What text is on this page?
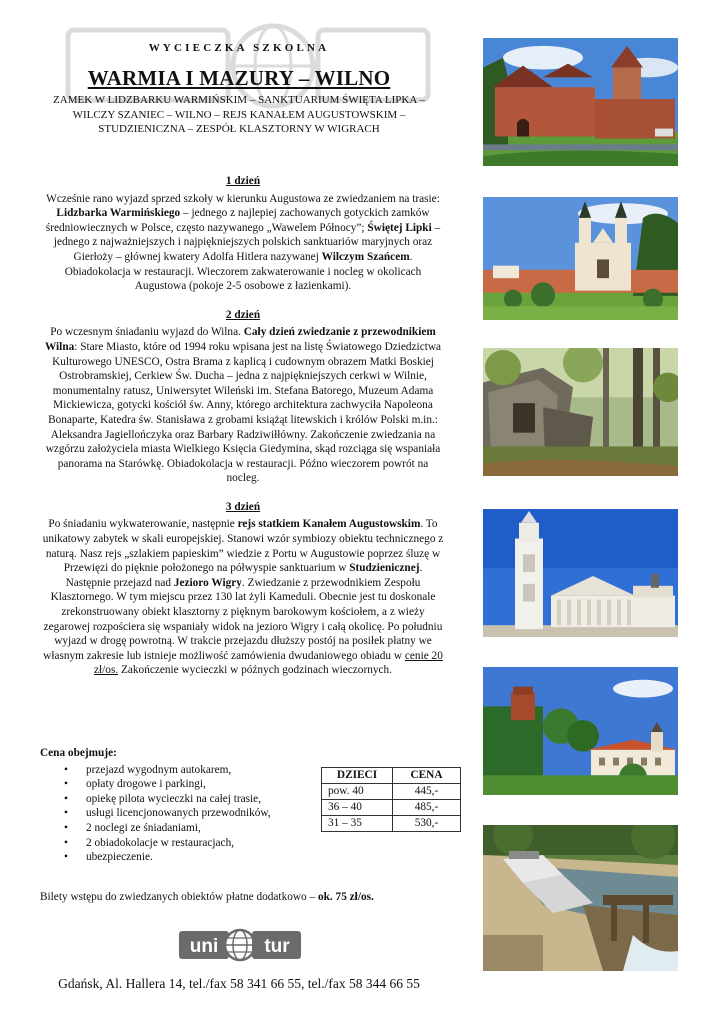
WYCIECZKA SZKOLNA

WARMIA I MAZURY – WILNO

ZAMEK W LIDZBARKU WARMIŃSKIM – SANKTUARIUM ŚWIĘTA LIPKA – WILCZY SZANIEC – WILNO – REJS KANAŁEM AUGUSTOWSKIM – STUDZIENICZNA – ZESPÓŁ KLASZTORNY W WIGRACH

1 dzień

Wcześnie rano wyjazd sprzed szkoły w kierunku Augustowa ze zwiedzaniem na trasie: Lidzbarka Warmińskiego – jednego z najlepiej zachowanych gotyckich zamków średniowiecznych w Polsce, często nazywanego „Wawelem Północy”; Świętej Lipki – jednego z najważniejszych i najpiękniejszych polskich sanktuariów maryjnych oraz Gierłoży – głównej kwatery Adolfa Hitlera nazywanej Wilczym Szańcem. Obiadokolacja w restauracji. Wieczorem zakwaterowanie i nocleg w okolicach Augustowa (pokoje 2-5 osobowe z łazienkami).

2 dzień

Po wczesnym śniadaniu wyjazd do Wilna. Cały dzień zwiedzanie z przewodnikiem Wilna: Stare Miasto, które od 1994 roku wpisana jest na listę Światowego Dziedzictwa Kulturowego UNESCO, Ostra Brama z kaplicą i cudownym obrazem Matki Boskiej Ostrobramskiej, Cerkiew Św. Ducha – jedna z najpiękniejszych cerkwi w Wilnie, monumentalny ratusz, Uniwersytet Wileński im. Stefana Batorego, Muzeum Adama Mickiewicza, gotycki kościół św. Anny, którego architektura zachwyciła Napoleona Bonaparte, Katedra św. Stanisława z grobami książąt litewskich i królów Polski m.in.: Aleksandra Jagiellończyka oraz Barbary Radziwiłłówny. Zakończenie zwiedzania na wzgórzu założyciela miasta Wielkiego Księcia Giedymina, skąd rozciąga się wspaniała panorama na Starówkę. Obiadokolacja w restauracji. Późno wieczorem powrót na nocleg.

3 dzień

Po śniadaniu wykwaterowanie, następnie rejs statkiem Kanałem Augustowskim. To unikatowy zabytek w skali europejskiej. Stanowi wzór symbiozy obiektu technicznego z naturą. Nasz rejs „szlakiem papieskim” wiedzie z Portu w Augustowie poprzez śluzę w Przewięzi do pięknie położonego na półwyspie sanktuarium w Studzienicznej. Następnie przejazd nad Jezioro Wigry. Zwiedzanie z przewodnikiem Zespołu Klasztornego. W tym miejscu przez 130 lat żyli Kameduli. Obecnie jest tu doskonale zrekonstruowany obiekt klasztorny z pięknym barokowym kościołem, a z wieży zegarowej rozpościera się wspaniały widok na jezioro Wigry i całą okolicę. Po południu wyjazd w drogę powrotną. W trakcie przejazdu dłuższy postój na posiłek płatny we własnym zakresie lub istnieje możliwość zamówienia dwudaniowego obiadu w cenie 20 zł/os. Zakończenie wycieczki w późnych godzinach wieczornych.

Cena obejmuje:

• przejazd wygodnym autokarem,
• opłaty drogowe i parkingi,
• opiekę pilota wycieczki na całej trasie,
• usługi licencjonowanych przewodników,
• 2 noclegi ze śniadaniami,
• 2 obiadokolacje w restauracjach,
• ubezpieczenie.
DZIECI	CENA
pow. 40	445,-
36 – 40	485,-
31 – 35	530,-

Bilety wstępu do zwiedzanych obiektów płatne dodatkowo – ok. 75 zł/os.

uni tur

Gdańsk, Al. Hallera 14, tel./fax 58 341 66 55, tel./fax 58 344 66 55
